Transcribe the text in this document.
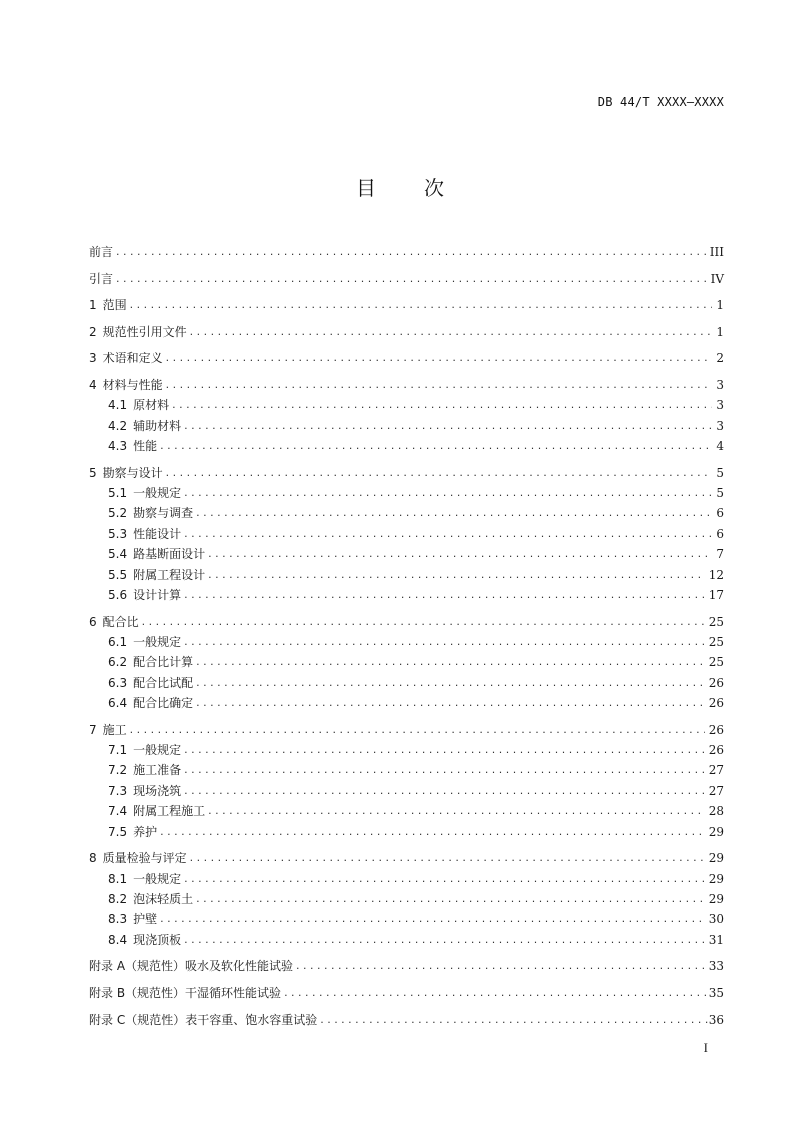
DB 44/T XXXX—XXXX
目 次
前言 . . .	III
引言 . . .	IV
1 范围 . . .	1
2 规范性引用文件 . . .	1
3 术语和定义 . . .	2
4 材料与性能 . . .	3
4.1 原材料 . . .	3
4.2 辅助材料 . . .	3
4.3 性能 . . .	4
5 勘察与设计 . . .	5
5.1 一般规定 . . .	5
5.2 勘察与调查 . . .	6
5.3 性能设计 . . .	6
5.4 路基断面设计 . . .	7
5.5 附属工程设计 . . .	12
5.6 设计计算 . . .	17
6 配合比 . . .	25
6.1 一般规定 . . .	25
6.2 配合比计算 . . .	25
6.3 配合比试配 . . .	26
6.4 配合比确定 . . .	26
7 施工 . . .	26
7.1 一般规定 . . .	26
7.2 施工准备 . . .	27
7.3 现场浇筑 . . .	27
7.4 附属工程施工 . . .	28
7.5 养护 . . .	29
8 质量检验与评定 . . .	29
8.1 一般规定 . . .	29
8.2 泡沫轻质土 . . .	29
8.3 护壁 . . .	30
8.4 现浇顶板 . . .	31
附录 A（规范性）吸水及软化性能试验 . . .	33
附录 B（规范性）干湿循环性能试验 . . .	35
附录 C（规范性）表干容重、饱水容重试验 . . .	36
I
